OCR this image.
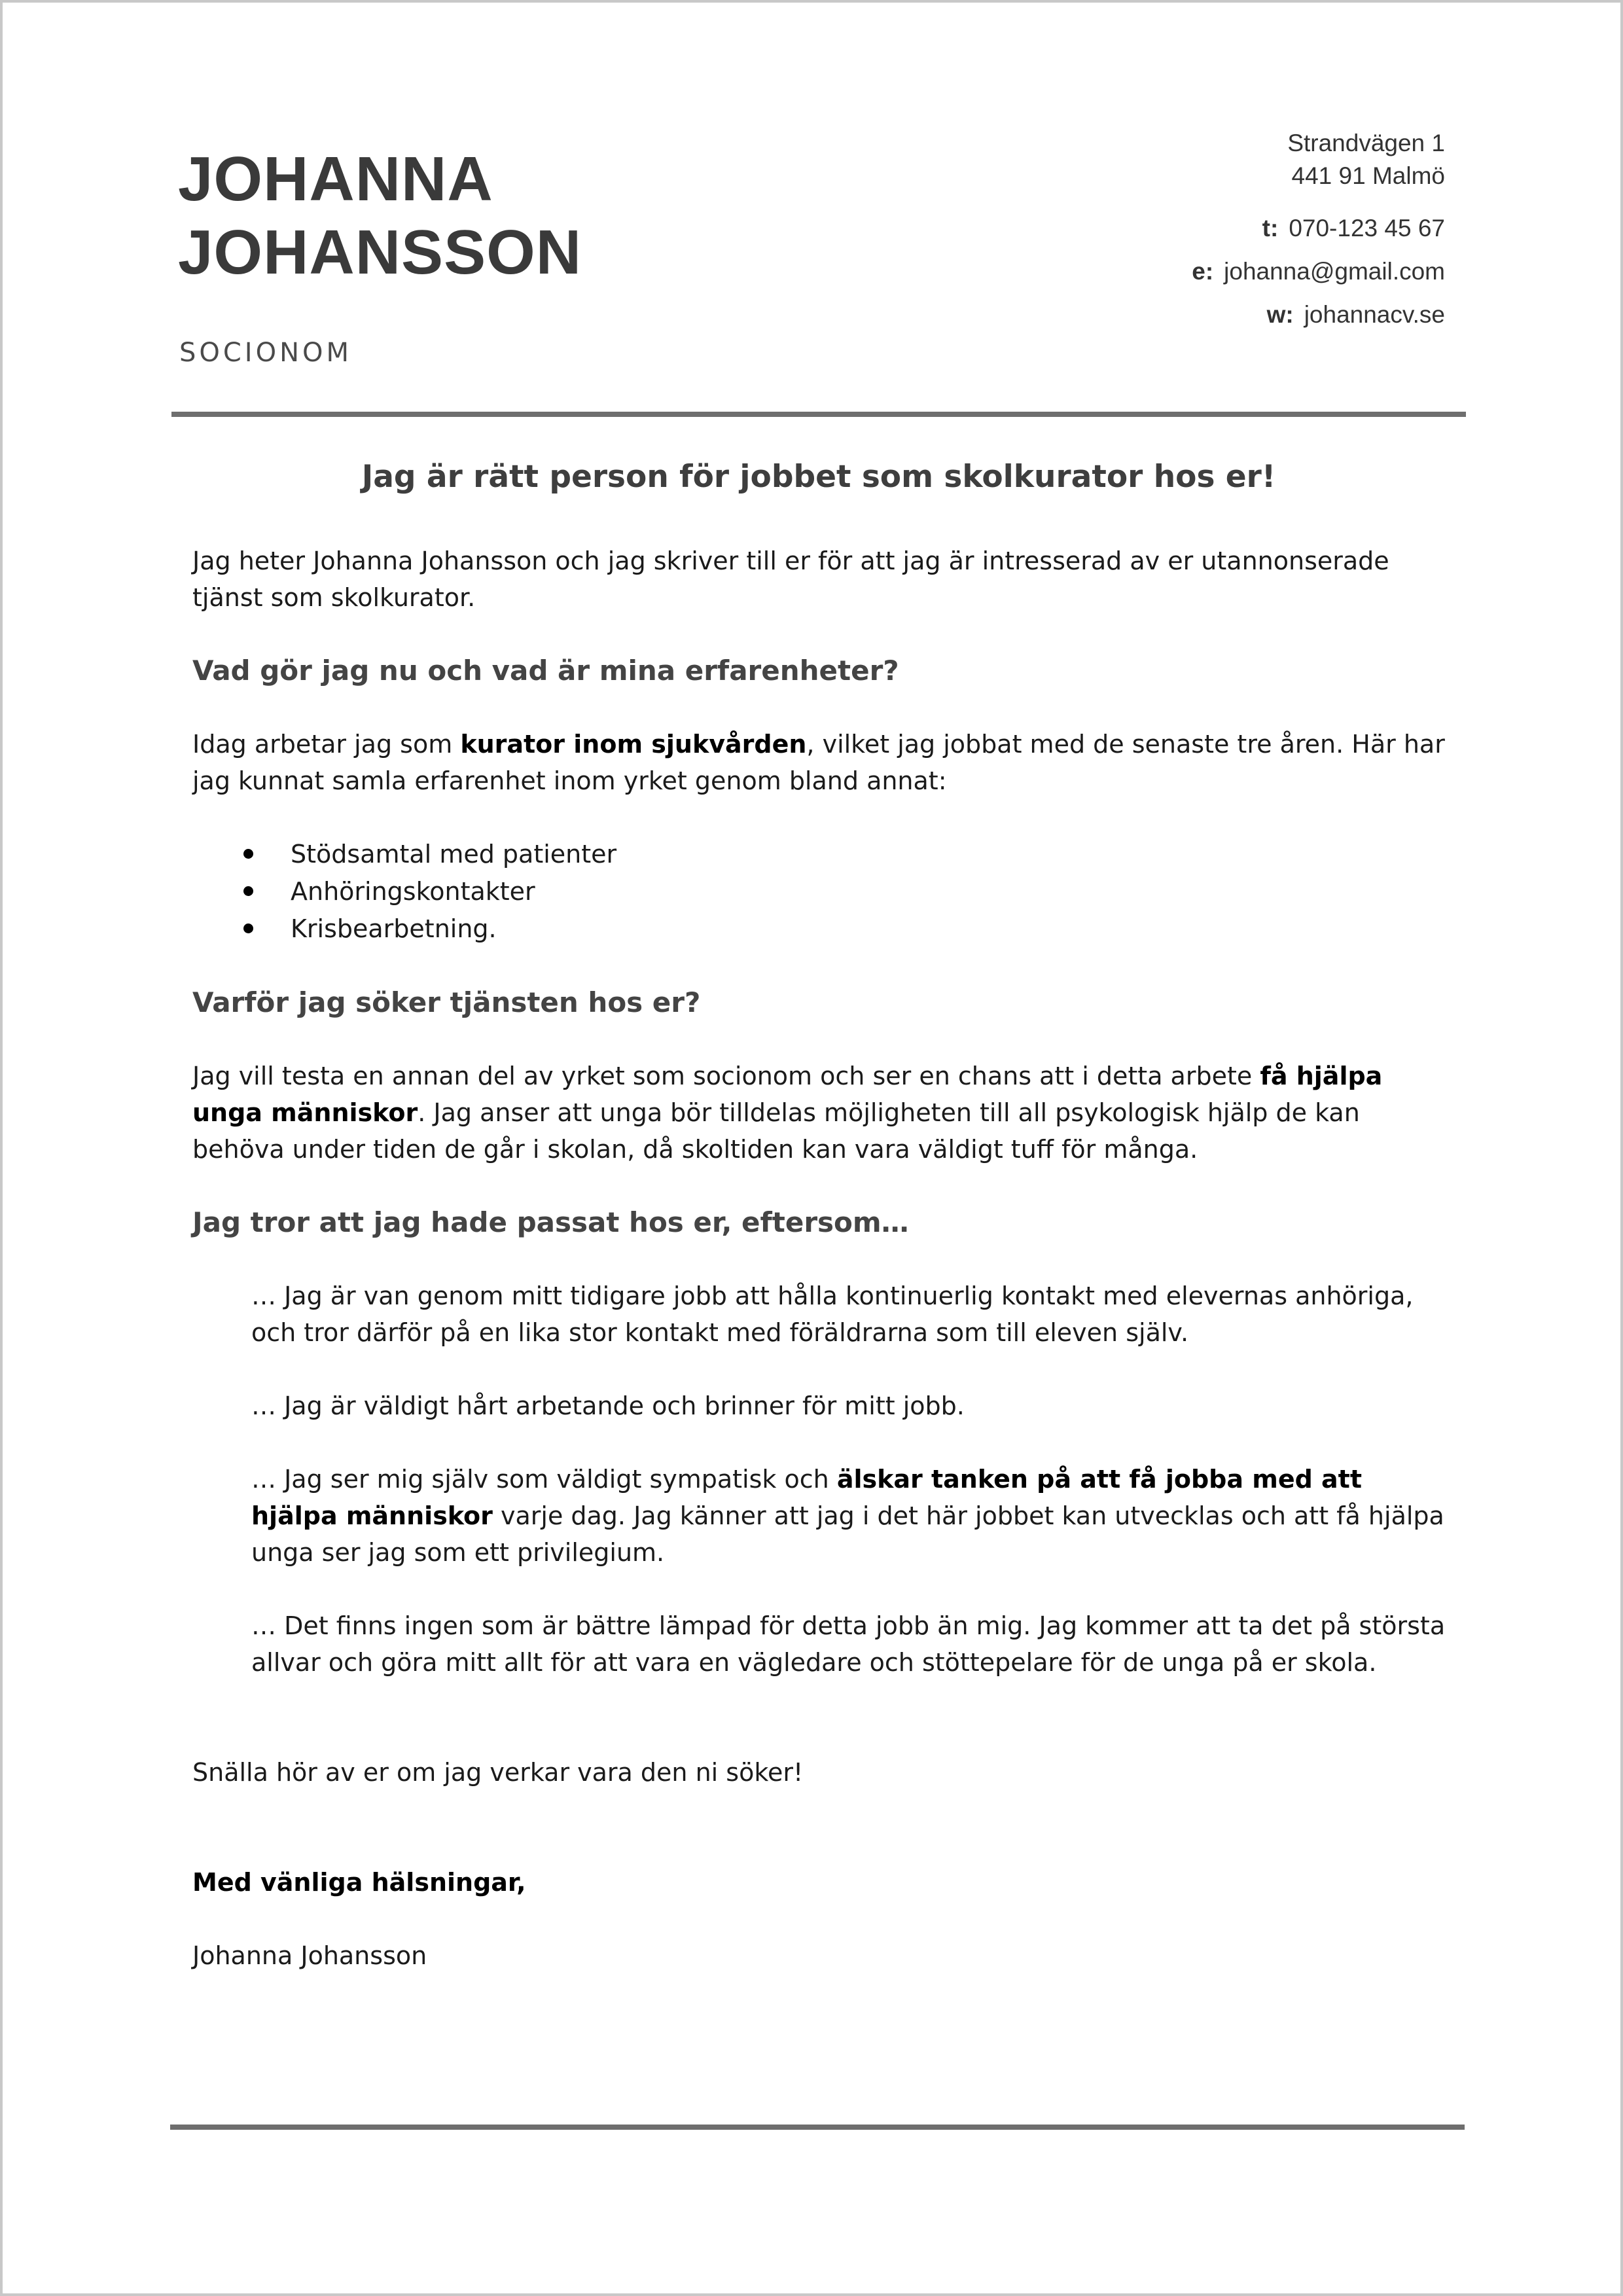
JOHANNA
JOHANSSON
SOCIONOM
Strandvägen 1
441 91 Malmö
t: 070-123 45 67
e: johanna@gmail.com
w: johannacv.se
Jag är rätt person för jobbet som skolkurator hos er!

Jag heter Johanna Johansson och jag skriver till er för att jag är intresserad av er utannonserade tjänst som skolkurator.

Vad gör jag nu och vad är mina erfarenheter?

Idag arbetar jag som kurator inom sjukvården, vilket jag jobbat med de senaste tre åren. Här har jag kunnat samla erfarenhet inom yrket genom bland annat:

Stödsamtal med patienter
Anhöringskontakter
Krisbearbetning.

Varför jag söker tjänsten hos er?

Jag vill testa en annan del av yrket som socionom och ser en chans att i detta arbete få hjälpa unga människor. Jag anser att unga bör tilldelas möjligheten till all psykologisk hjälp de kan behöva under tiden de går i skolan, då skoltiden kan vara väldigt tuff för många.

Jag tror att jag hade passat hos er, eftersom…

… Jag är van genom mitt tidigare jobb att hålla kontinuerlig kontakt med elevernas anhöriga, och tror därför på en lika stor kontakt med föräldrarna som till eleven själv.

… Jag är väldigt hårt arbetande och brinner för mitt jobb.

… Jag ser mig själv som väldigt sympatisk och älskar tanken på att få jobba med att hjälpa människor varje dag. Jag känner att jag i det här jobbet kan utvecklas och att få hjälpa unga ser jag som ett privilegium.

… Det finns ingen som är bättre lämpad för detta jobb än mig. Jag kommer att ta det på största allvar och göra mitt allt för att vara en vägledare och stöttepelare för de unga på er skola.

Snälla hör av er om jag verkar vara den ni söker!

Med vänliga hälsningar,

Johanna Johansson
